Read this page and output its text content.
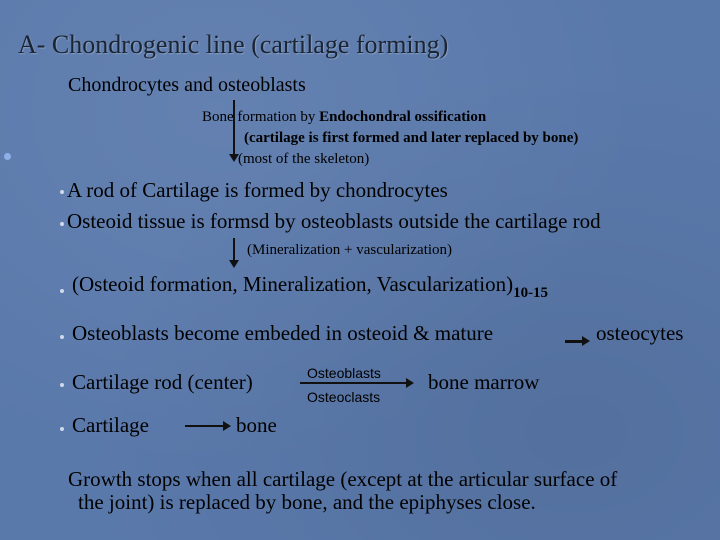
A- Chondrogenic line (cartilage forming)
Chondrocytes and osteoblasts
Bone formation by Endochondral ossification
(cartilage is first formed and later replaced by bone)
(most of the skeleton)
A rod of Cartilage is formed by chondrocytes
Osteoid tissue is formsd by osteoblasts outside the cartilage rod
(Mineralization + vascularization)
(Osteoid formation, Mineralization, $Vascularization)_{10-15}$
Osteoblasts become embeded in osteoid & mature	osteocytes
Cartilage rod (center)	Osteoblasts
Osteoclasts
bone marrow
Cartilage	bone
Growth stops when all cartilage (except at the articular surface of
the joint) is replaced by bone, and the epiphyses close.
